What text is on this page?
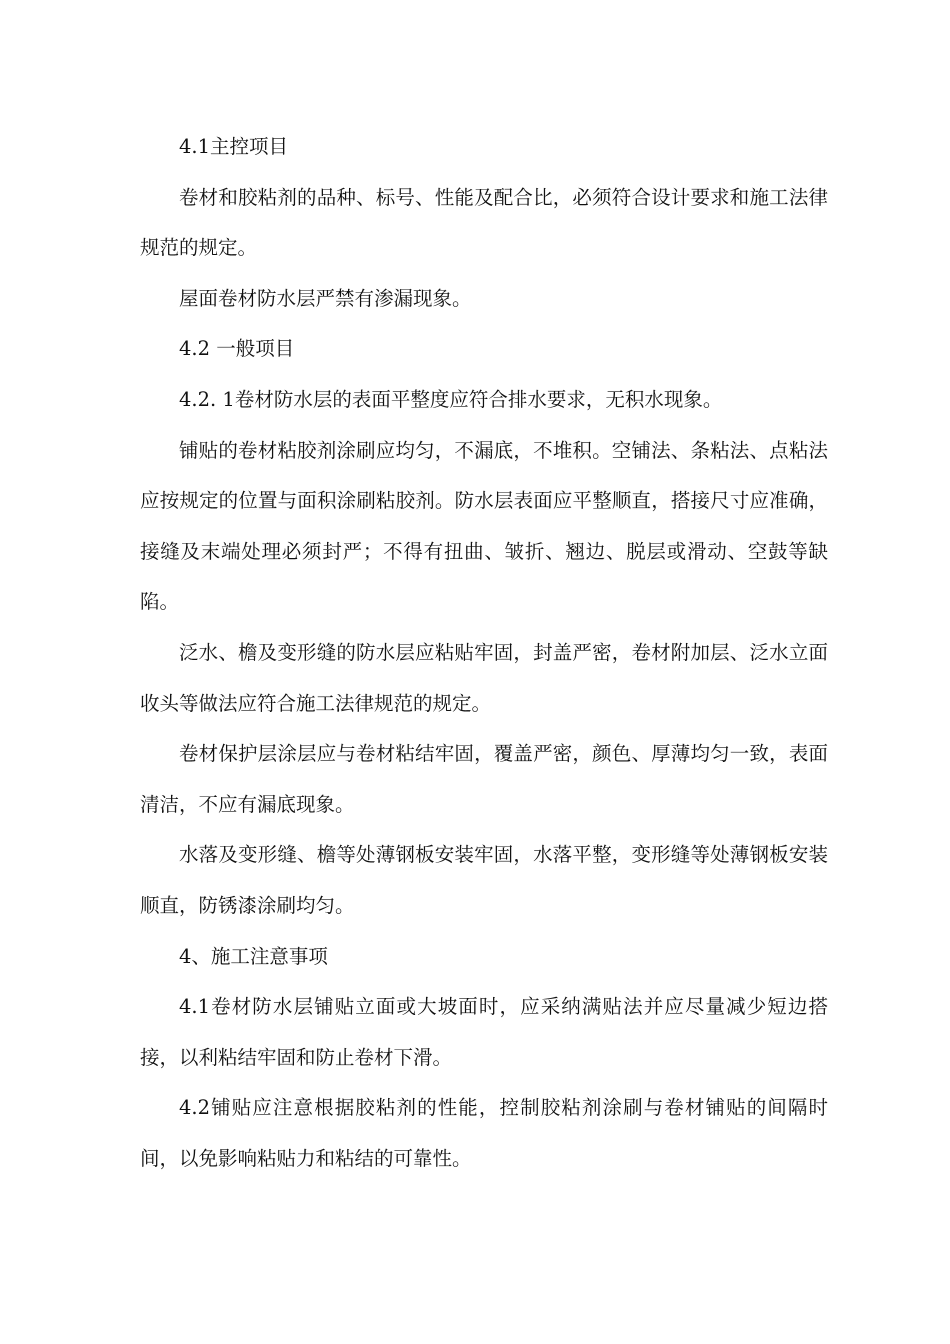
4.1主控项目

卷材和胶粘剂的品种、标号、性能及配合比，必须符合设计要求和施工法律规范的规定。

屋面卷材防水层严禁有渗漏现象。

4.2 一般项目

4.2. 1卷材防水层的表面平整度应符合排水要求，无积水现象。

铺贴的卷材粘胶剂涂刷应均匀，不漏底，不堆积。空铺法、条粘法、点粘法应按规定的位置与面积涂刷粘胶剂。防水层表面应平整顺直，搭接尺寸应准确，接缝及末端处理必须封严；不得有扭曲、皱折、翘边、脱层或滑动、空鼓等缺陷。

泛水、檐及变形缝的防水层应粘贴牢固，封盖严密，卷材附加层、泛水立面收头等做法应符合施工法律规范的规定。

卷材保护层涂层应与卷材粘结牢固，覆盖严密，颜色、厚薄均匀一致，表面清洁，不应有漏底现象。

水落及变形缝、檐等处薄钢板安装牢固，水落平整，变形缝等处薄钢板安装顺直，防锈漆涂刷均匀。

4、施工注意事项

4.1卷材防水层铺贴立面或大坡面时，应采纳满贴法并应尽量减少短边搭接，以利粘结牢固和防止卷材下滑。

4.2铺贴应注意根据胶粘剂的性能，控制胶粘剂涂刷与卷材铺贴的间隔时间，以免影响粘贴力和粘结的可靠性。
